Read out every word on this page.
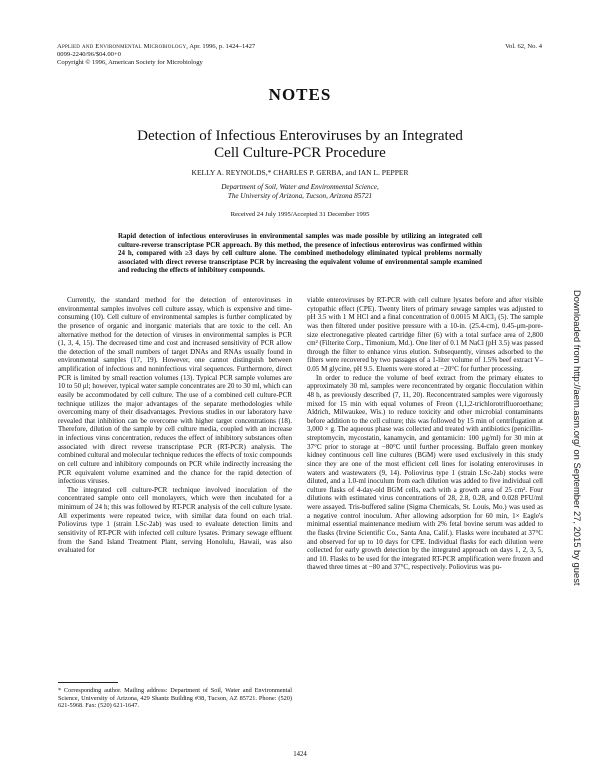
Applied and Environmental Microbiology, Apr. 1996, p. 1424–1427
0099-2240/96/$04.00+0
Copyright © 1996, American Society for Microbiology
Vol. 62, No. 4
NOTES
Detection of Infectious Enteroviruses by an Integrated
Cell Culture-PCR Procedure
KELLY A. REYNOLDS,* CHARLES P. GERBA, and IAN L. PEPPER
Department of Soil, Water and Environmental Science,
The University of Arizona, Tucson, Arizona 85721
Received 24 July 1995/Accepted 31 December 1995
Rapid detection of infectious enteroviruses in environmental samples was made possible by utilizing an integrated cell culture-reverse transcriptase PCR approach. By this method, the presence of infectious enterovirus was confirmed within 24 h, compared with ≥3 days by cell culture alone. The combined methodology eliminated typical problems normally associated with direct reverse transcriptase PCR by increasing the equivalent volume of environmental sample examined and reducing the effects of inhibitory compounds.

Currently, the standard method for the detection of enteroviruses in environmental samples involves cell culture assay, which is expensive and time-consuming (10). Cell culture of environmental samples is further complicated by the presence of organic and inorganic materials that are toxic to the cell. An alternative method for the detection of viruses in environmental samples is PCR (1, 3, 4, 15). The decreased time and cost and increased sensitivity of PCR allow the detection of the small numbers of target DNAs and RNAs usually found in environmental samples (17, 19). However, one cannot distinguish between amplification of infectious and noninfectious viral sequences. Furthermore, direct PCR is limited by small reaction volumes (13). Typical PCR sample volumes are 10 to 50 μl; however, typical water sample concentrates are 20 to 30 ml, which can easily be accommodated by cell culture. The use of a combined cell culture-PCR technique utilizes the major advantages of the separate methodologies while overcoming many of their disadvantages. Previous studies in our laboratory have revealed that inhibition can be overcome with higher target concentrations (18). Therefore, dilution of the sample by cell culture media, coupled with an increase in infectious virus concentration, reduces the effect of inhibitory substances often associated with direct reverse transcriptase PCR (RT-PCR) analysis. The combined cultural and molecular technique reduces the effects of toxic compounds on cell culture and inhibitory compounds on PCR while indirectly increasing the PCR equivalent volume examined and the chance for the rapid detection of infectious viruses.

The integrated cell culture-PCR technique involved inoculation of the concentrated sample onto cell monolayers, which were then incubated for a minimum of 24 h; this was followed by RT-PCR analysis of the cell culture lysate. All experiments were repeated twice, with similar data found on each trial. Poliovirus type 1 (strain LSc-2ab) was used to evaluate detection limits and sensitivity of RT-PCR with infected cell culture lysates. Primary sewage effluent from the Sand Island Treatment Plant, serving Honolulu, Hawaii, was also evaluated for

* Corresponding author. Mailing address: Department of Soil, Water and Environmental Science, University of Arizona, 429 Shantz Building #38, Tucson, AZ 85721. Phone: (520) 621-5968. Fax: (520) 621-1647.

viable enteroviruses by RT-PCR with cell culture lysates before and after visible cytopathic effect (CPE). Twenty liters of primary sewage samples was adjusted to pH 3.5 with 1 M HCl and a final concentration of 0.0015 M AlCl₃ (5). The sample was then filtered under positive pressure with a 10-in. (25.4-cm), 0.45-μm-pore-size electronegative pleated cartridge filter (6) with a total surface area of 2,800 cm² (Filterite Corp., Timonium, Md.). One liter of 0.1 M NaCl (pH 3.5) was passed through the filter to enhance virus elution. Subsequently, viruses adsorbed to the filters were recovered by two passages of a 1-liter volume of 1.5% beef extract V–0.05 M glycine, pH 9.5. Eluents were stored at −20°C for further processing.

In order to reduce the volume of beef extract from the primary eluates to approximately 30 ml, samples were reconcentrated by organic flocculation within 48 h, as previously described (7, 11, 20). Reconcentrated samples were vigorously mixed for 15 min with equal volumes of Freon (1,1,2-trichlorotrifluoroethane; Aldrich, Milwaukee, Wis.) to reduce toxicity and other microbial contaminants before addition to the cell culture; this was followed by 15 min of centrifugation at 3,000 × g. The aqueous phase was collected and treated with antibiotics (penicillin-streptomycin, mycostatin, kanamycin, and gentamicin: 100 μg/ml) for 30 min at 37°C prior to storage at −80°C until further processing. Buffalo green monkey kidney continuous cell line cultures (BGM) were used exclusively in this study since they are one of the most efficient cell lines for isolating enteroviruses in waters and wastewaters (9, 14). Poliovirus type 1 (strain LSc-2ab) stocks were diluted, and a 1.0-ml inoculum from each dilution was added to five individual cell culture flasks of 4-day-old BGM cells, each with a growth area of 25 cm². Four dilutions with estimated virus concentrations of 28, 2.8, 0.28, and 0.028 PFU/ml were assayed. Tris-buffered saline (Sigma Chemicals, St. Louis, Mo.) was used as a negative control inoculum. After allowing adsorption for 60 min, 1× Eagle's minimal essential maintenance medium with 2% fetal bovine serum was added to the flasks (Irvine Scientific Co., Santa Ana, Calif.). Flasks were incubated at 37°C and observed for up to 10 days for CPE. Individual flasks for each dilution were collected for early growth detection by the integrated approach on days 1, 2, 3, 5, and 10. Flasks to be used for the integrated RT-PCR amplification were frozen and thawed three times at −80 and 37°C, respectively. Poliovirus was pu-

1424
Downloaded from http://aem.asm.org/ on September 27, 2015 by guest
